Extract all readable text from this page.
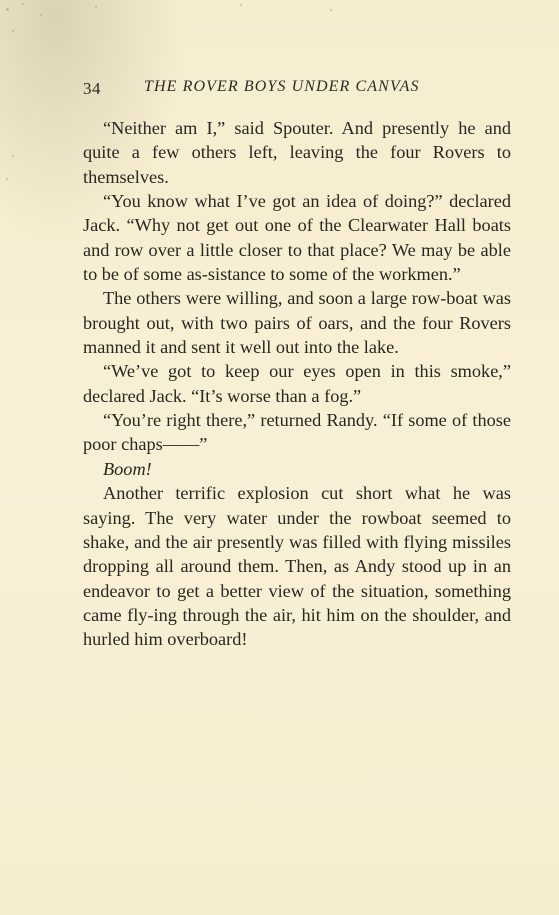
34	THE ROVER BOYS UNDER CANVAS

“Neither am I,” said Spouter. And presently he and quite a few others left, leaving the four Rovers to themselves.

“You know what I’ve got an idea of doing?” declared Jack. “Why not get out one of the Clearwater Hall boats and row over a little closer to that place? We may be able to be of some as-sistance to some of the workmen.”

The others were willing, and soon a large row-boat was brought out, with two pairs of oars, and the four Rovers manned it and sent it well out into the lake.

“We’ve got to keep our eyes open in this smoke,” declared Jack. “It’s worse than a fog.”

“You’re right there,” returned Randy. “If some of those poor chaps——”

Boom!

Another terrific explosion cut short what he was saying. The very water under the rowboat seemed to shake, and the air presently was filled with flying missiles dropping all around them. Then, as Andy stood up in an endeavor to get a better view of the situation, something came fly-ing through the air, hit him on the shoulder, and hurled him overboard!
